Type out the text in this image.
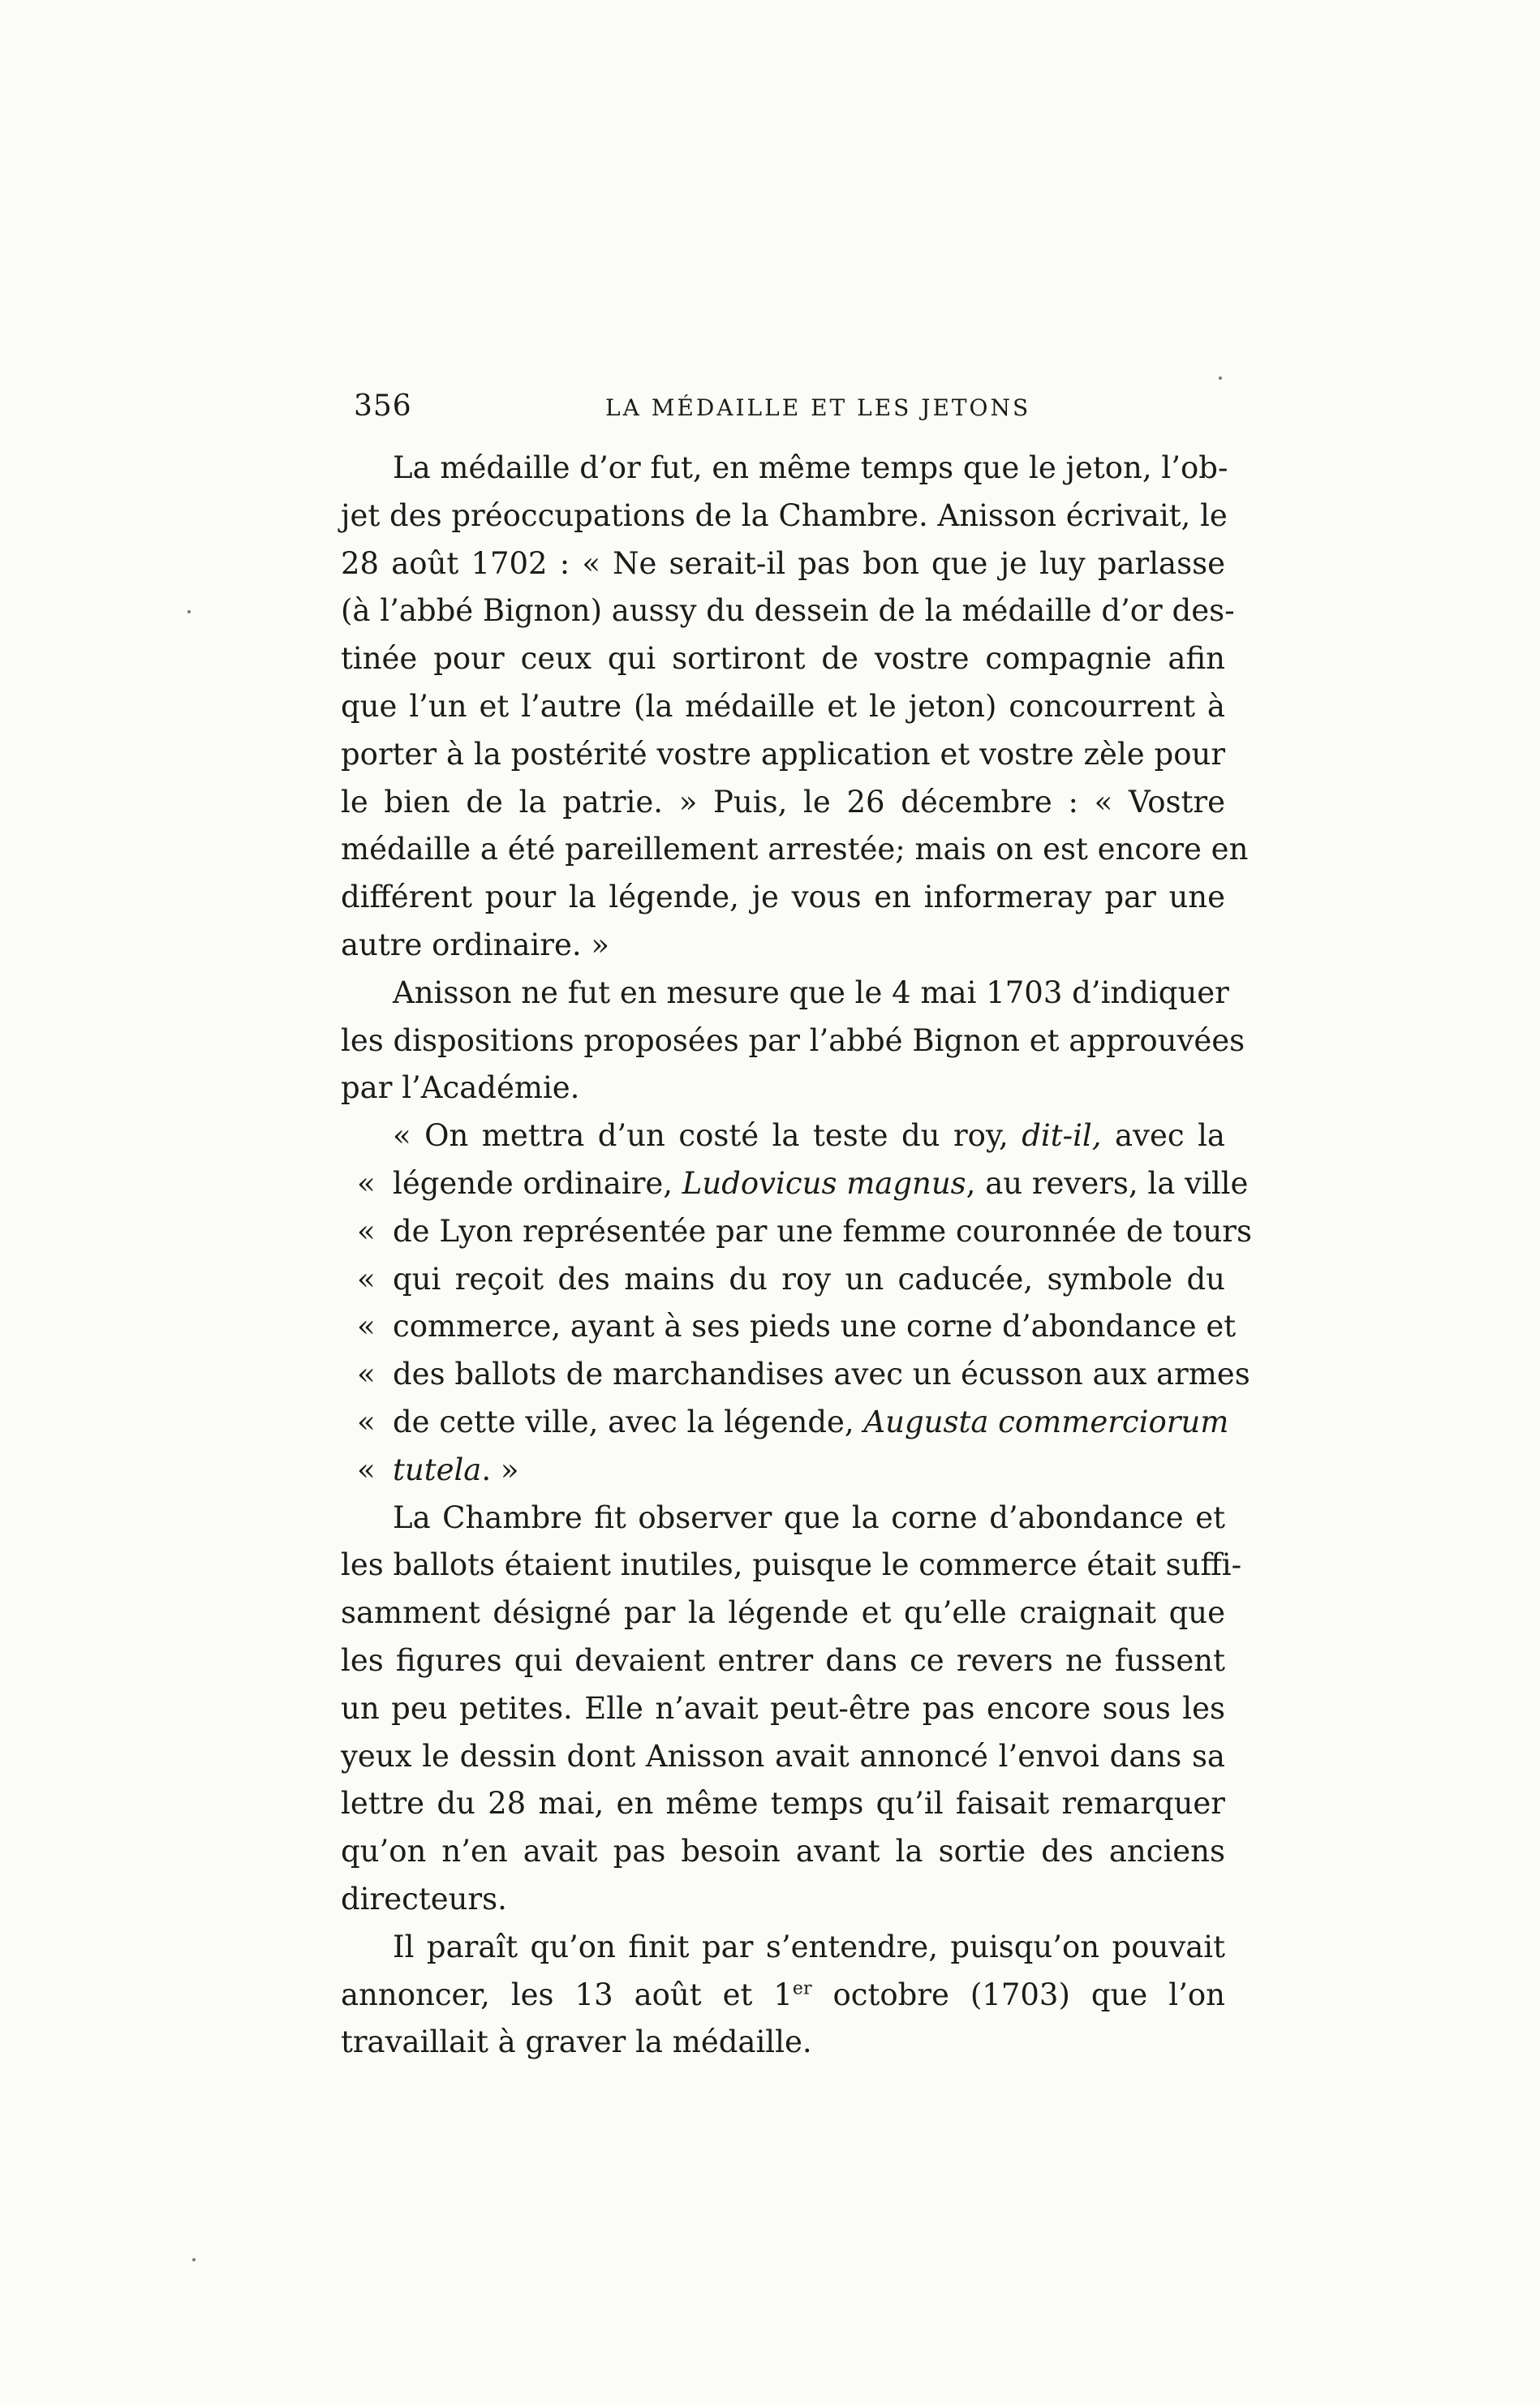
356	LA MÉDAILLE ET LES JETONS
La médaille d’or fut, en même temps que le jeton, l’ob-
jet des préoccupations de la Chambre. Anisson écrivait, le
28 août 1702 : « Ne serait-il pas bon que je luy parlasse
(à l’abbé Bignon) aussy du dessein de la médaille d’or des-
tinée pour ceux qui sortiront de vostre compagnie afin
que l’un et l’autre (la médaille et le jeton) concourrent à
porter à la postérité vostre application et vostre zèle pour
le bien de la patrie. » Puis, le 26 décembre : « Vostre
médaille a été pareillement arrestée; mais on est encore en
différent pour la légende, je vous en informeray par une
autre ordinaire. »
Anisson ne fut en mesure que le 4 mai 1703 d’indiquer
les dispositions proposées par l’abbé Bignon et approuvées
par l’Académie.
« On mettra d’un costé la teste du roy, dit-il, avec la
« légende ordinaire, Ludovicus magnus, au revers, la ville
« de Lyon représentée par une femme couronnée de tours
« qui reçoit des mains du roy un caducée, symbole du
« commerce, ayant à ses pieds une corne d’abondance et
« des ballots de marchandises avec un écusson aux armes
« de cette ville, avec la légende, Augusta commerciorum
« tutela. »
La Chambre fit observer que la corne d’abondance et
les ballots étaient inutiles, puisque le commerce était suffi-
samment désigné par la légende et qu’elle craignait que
les figures qui devaient entrer dans ce revers ne fussent
un peu petites. Elle n’avait peut-être pas encore sous les
yeux le dessin dont Anisson avait annoncé l’envoi dans sa
lettre du 28 mai, en même temps qu’il faisait remarquer
qu’on n’en avait pas besoin avant la sortie des anciens
directeurs.
Il paraît qu’on finit par s’entendre, puisqu’on pouvait
annoncer, les 13 août et 1er octobre (1703) que l’on
travaillait à graver la médaille.
